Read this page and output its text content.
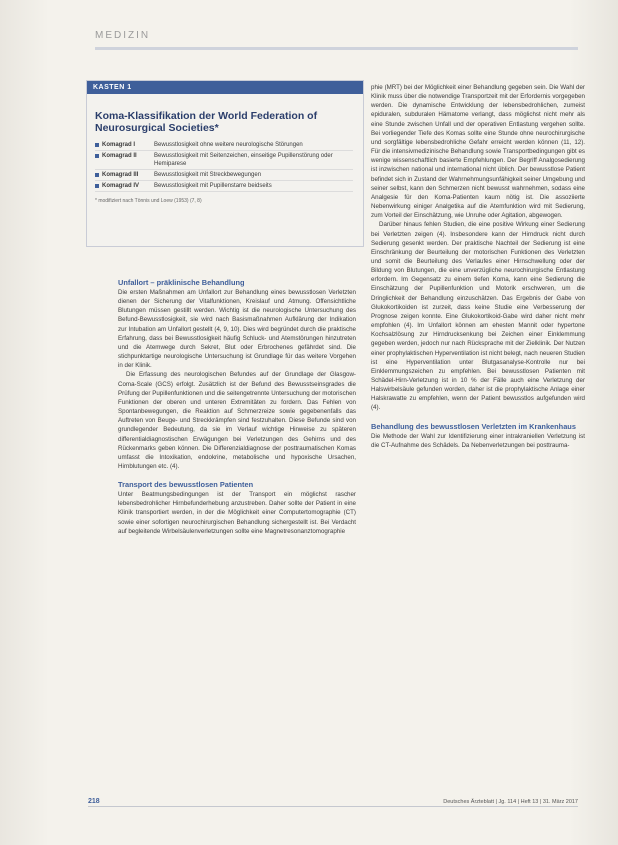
MEDIZIN
KASTEN 1
Koma-Klassifikation der World Federation of Neurosurgical Societies*
Komagrad I	Bewusstlosigkeit ohne weitere neurologische Störungen
Komagrad II	Bewusstlosigkeit mit Seitenzeichen, einseitige Pupillenstörung oder Hemiparese
Komagrad III	Bewusstlosigkeit mit Streckbewegungen
Komagrad IV	Bewusstlosigkeit mit Pupillenstarre beidseits
* modifiziert nach Tönnis und Loew (1953) (7, 8)
Unfallort – präklinische Behandlung

Die ersten Maßnahmen am Unfallort zur Behandlung eines bewusstlosen Verletzten dienen der Sicherung der Vitalfunktionen, Kreislauf und Atmung. Offensichtliche Blutungen müssen gestillt werden. Wichtig ist die neurologische Untersuchung des Befund-Bewusstlosigkeit, sie wird nach Basismaßnahmen Aufklärung der Indikation zur Intubation am Unfallort gestellt (4, 9, 10). Dies wird begründet durch die praktische Erfahrung, dass bei Bewusstlosigkeit häufig Schluck- und Atemstörungen hinzutreten und die Atemwege durch Sekret, Blut oder Erbrochenes gefährdet sind. Die stichpunktartige neurologische Untersuchung ist Grundlage für das weitere Vorgehen in der Klinik.

Die Erfassung des neurologischen Befundes auf der Grundlage der Glasgow-Coma-Scale (GCS) erfolgt. Zusätzlich ist der Befund des Bewusstseinsgrades die Prüfung der Pupillenfunktionen und die seitengetrennte Untersuchung der motorischen Funktionen der oberen und unteren Extremitäten zu fordern. Das Fehlen von Spontanbewegungen, die Reaktion auf Schmerzreize sowie gegebenenfalls das Auftreten von Beuge- und Streckkrämpfen sind festzuhalten. Diese Befunde sind von grundlegender Bedeutung, da sie im Verlauf wichtige Hinweise zu späteren differentialdiagnostischen Erwägungen bei Verletzungen des Gehirns und des Rückenmarks geben können. Die Differenzialdiagnose der posttraumatischen Komas umfasst die Intoxikation, endokrine, metabolische und hypoxische Ursachen, Hirnblutungen etc. (4).

Transport des bewusstlosen Patienten

Unter Beatmungsbedingungen ist der Transport ein möglichst rascher lebensbedrohlicher Hirnbefunderhebung anzustreben. Daher sollte der Patient in eine Klinik transportiert werden, in der die Möglichkeit einer Computertomographie (CT) sowie einer sofortigen neurochirurgischen Behandlung sichergestellt ist. Bei Verdacht auf begleitende Wirbelsäulenverletzungen sollte eine Magnetresonanztomographie

phie (MRT) bei der Möglichkeit einer Behandlung gegeben sein. Die Wahl der Klinik muss über die notwendige Transportzeit mit der Erfordernis vorgegeben werden. Die dynamische Entwicklung der lebensbedrohlichen, zumeist epiduralen, subduralen Hämatome verlangt, dass möglichst nicht mehr als eine Stunde zwischen Unfall und der operativen Entlastung vergehen sollte. Bei vorliegender Tiefe des Komas sollte eine Stunde ohne neurochirurgische und sorgfältige lebensbedrohliche Gefahr erreicht werden können (11, 12). Für die intensivmedizinische Behandlung sowie Transportbedingungen gibt es wenige wissenschaftlich basierte Empfehlungen. Der Begriff Analgosedierung ist inzwischen national und international nicht üblich. Der bewusstlose Patient befindet sich in Zustand der Wahrnehmungsunfähigkeit seiner Umgebung und seiner selbst, kann den Schmerzen nicht bewusst wahrnehmen, sodass eine Analgesie für den Koma-Patienten kaum nötig ist. Die assoziierte Nebenwirkung einiger Analgetika auf die Atemfunktion wird mit Sedierung, zum Vorteil der Einschätzung, wie Unruhe oder Agitation, abgewogen.

Darüber hinaus fehlen Studien, die eine positive Wirkung einer Sedierung bei Verletzten zeigen (4). Insbesondere kann der Hirndruck nicht durch Sedierung gesenkt werden. Der praktische Nachteil der Sedierung ist eine Einschränkung der Beurteilung der motorischen Funktionen des Verletzten und somit die Beurteilung des Verlaufes einer Hirnschwellung oder der Bildung von Blutungen, die eine unverzügliche neurochirurgische Entlastung erfordern. Im Gegensatz zu einem tiefen Koma, kann eine Sedierung die Einschätzung der Pupillenfunktion und Motorik erschweren, um die Dringlichkeit der Behandlung einzuschätzen. Das Ergebnis der Gabe von Glukokortikoiden ist zurzeit, dass keine Studie eine Verbesserung der Prognose zeigen konnte. Eine Glukokortikoid-Gabe wird daher nicht mehr empfohlen (4). Im Unfallort können am ehesten Mannit oder hypertone Kochsalzlösung zur Hirndrucksenkung bei Zeichen einer Einklemmung gegeben werden, jedoch nur nach Rücksprache mit der Zielklinik. Der Nutzen einer prophylaktischen Hyperventilation ist nicht belegt, nach neueren Studien ist eine Hyperventilation unter Blutgasanalyse-Kontrolle nur bei Einklemmungszeichen zu empfehlen. Bei bewusstlosen Patienten mit Schädel-Hirn-Verletzung ist in 10 % der Fälle auch eine Verletzung der Halswirbelsäule gefunden worden, daher ist die prophylaktische Anlage einer Halskrawatte zu empfehlen, wenn der Patient bewusstlos aufgefunden wird (4).

Behandlung des bewusstlosen Verletzten im Krankenhaus

Die Methode der Wahl zur Identifizierung einer intrakraniellen Verletzung ist die CT-Aufnahme des Schädels. Da Nebenverletzungen bei posttrauma-

218	Deutsches Ärzteblatt | Jg. 114 | Heft 13 | 31. März 2017
